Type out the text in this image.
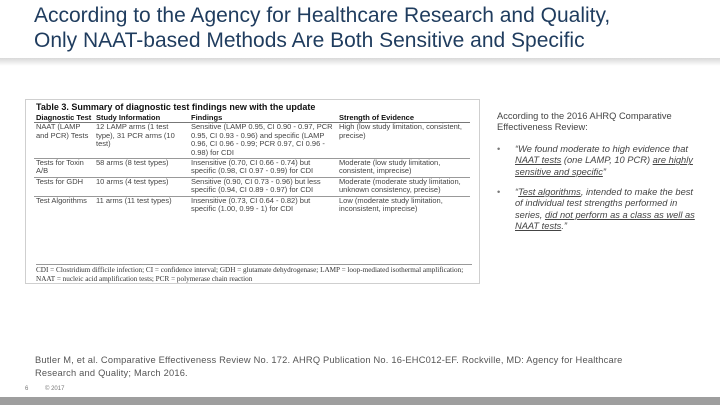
According to the Agency for Healthcare Research and Quality,
Only NAAT-based Methods Are Both Sensitive and Specific
Table 3. Summary of diagnostic test findings new with the update
Diagnostic Test	Study Information	Findings	Strength of Evidence
NAAT (LAMP and PCR) Tests	12 LAMP arms (1 test type), 31 PCR arms (10 test)	Sensitive (LAMP 0.95, CI 0.90 - 0.97, PCR 0.95, CI 0.93 - 0.96) and specific (LAMP 0.96, CI 0.96 - 0.99; PCR 0.97, CI 0.96 - 0.98) for CDI	High (low study limitation, consistent, precise)
Tests for Toxin A/B	58 arms (8 test types)	Insensitive (0.70, CI 0.66 - 0.74) but specific (0.98, CI 0.97 - 0.99) for CDI	Moderate (low study limitation, consistent, imprecise)
Tests for GDH	10 arms (4 test types)	Sensitive (0.90, CI 0.73 - 0.96) but less specific (0.94, CI 0.89 - 0.97) for CDI	Moderate (moderate study limitation, unknown consistency, precise)
Test Algorithms	11 arms (11 test types)	Insensitive (0.73, CI 0.64 - 0.82) but specific (1.00, 0.99 - 1) for CDI	Low (moderate study limitation, inconsistent, imprecise)
CDI = Clostridium difficile infection; CI = confidence interval; GDH = glutamate dehydrogenase; LAMP = loop-mediated isothermal amplification; NAAT = nucleic acid amplification tests; PCR = polymerase chain reaction
According to the 2016 AHRQ Comparative Effectiveness Review:
• “We found moderate to high evidence that NAAT tests (one LAMP, 10 PCR) are highly sensitive and specific”
• “Test algorithms, intended to make the best of individual test strengths performed in series, did not perform as a class as well as NAAT tests.”
Butler M, et al. Comparative Effectiveness Review No. 172. AHRQ Publication No. 16-EHC012-EF. Rockville, MD: Agency for Healthcare
Research and Quality; March 2016.
6	© 2017
